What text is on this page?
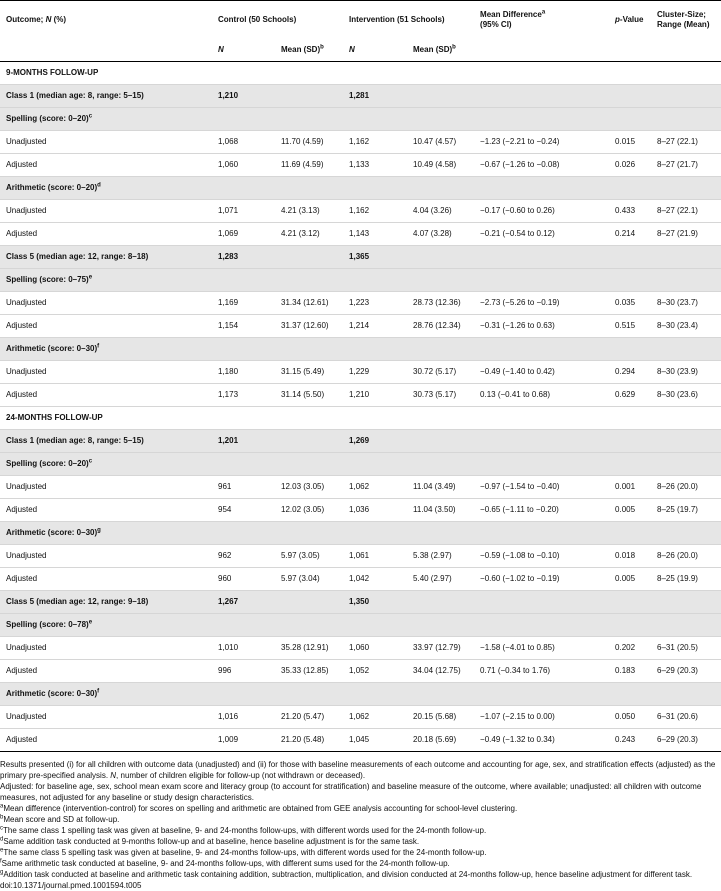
Outcome; N (%)	Control (50 Schools)		Intervention (51 Schools)		Mean Difference$^a$
(95% CI)	p-Value	Cluster-Size; Range (Mean)
	N	Mean (SD)$^b$	N	Mean (SD)$^b$			
9-MONTHS FOLLOW-UP							
Class 1 (median age: 8, range: 5–15)	1,210		1,281				
Spelling (score: 0–20)$^c$							
Unadjusted	1,068	11.70 (4.59)	1,162	10.47 (4.57)	−1.23 (−2.21 to −0.24)	0.015	8–27 (22.1)
Adjusted	1,060	11.69 (4.59)	1,133	10.49 (4.58)	−0.67 (−1.26 to −0.08)	0.026	8–27 (21.7)
Arithmetic (score: 0–20)$^d$							
Unadjusted	1,071	4.21 (3.13)	1,162	4.04 (3.26)	−0.17 (−0.60 to 0.26)	0.433	8–27 (22.1)
Adjusted	1,069	4.21 (3.12)	1,143	4.07 (3.28)	−0.21 (−0.54 to 0.12)	0.214	8–27 (21.9)
Class 5 (median age: 12, range: 8–18)	1,283		1,365				
Spelling (score: 0–75)$^e$							
Unadjusted	1,169	31.34 (12.61)	1,223	28.73 (12.36)	−2.73 (−5.26 to −0.19)	0.035	8–30 (23.7)
Adjusted	1,154	31.37 (12.60)	1,214	28.76 (12.34)	−0.31 (−1.26 to 0.63)	0.515	8–30 (23.4)
Arithmetic (score: 0–30)$^f$							
Unadjusted	1,180	31.15 (5.49)	1,229	30.72 (5.17)	−0.49 (−1.40 to 0.42)	0.294	8–30 (23.9)
Adjusted	1,173	31.14 (5.50)	1,210	30.73 (5.17)	0.13 (−0.41 to 0.68)	0.629	8–30 (23.6)
24-MONTHS FOLLOW-UP							
Class 1 (median age: 8, range: 5–15)	1,201		1,269				
Spelling (score: 0–20)$^c$							
Unadjusted	961	12.03 (3.05)	1,062	11.04 (3.49)	−0.97 (−1.54 to −0.40)	0.001	8–26 (20.0)
Adjusted	954	12.02 (3.05)	1,036	11.04 (3.50)	−0.65 (−1.11 to −0.20)	0.005	8–25 (19.7)
Arithmetic (score: 0–30)$^g$							
Unadjusted	962	5.97 (3.05)	1,061	5.38 (2.97)	−0.59 (−1.08 to −0.10)	0.018	8–26 (20.0)
Adjusted	960	5.97 (3.04)	1,042	5.40 (2.97)	−0.60 (−1.02 to −0.19)	0.005	8–25 (19.9)
Class 5 (median age: 12, range: 9–18)	1,267		1,350				
Spelling (score: 0–78)$^e$							
Unadjusted	1,010	35.28 (12.91)	1,060	33.97 (12.79)	−1.58 (−4.01 to 0.85)	0.202	6–31 (20.5)
Adjusted	996	35.33 (12.85)	1,052	34.04 (12.75)	0.71 (−0.34 to 1.76)	0.183	6–29 (20.3)
Arithmetic (score: 0–30)$^f$							
Unadjusted	1,016	21.20 (5.47)	1,062	20.15 (5.68)	−1.07 (−2.15 to 0.00)	0.050	6–31 (20.6)
Adjusted	1,009	21.20 (5.48)	1,045	20.18 (5.69)	−0.49 (−1.32 to 0.34)	0.243	6–29 (20.3)

Results presented (i) for all children with outcome data (unadjusted) and (ii) for those with baseline measurements of each outcome and accounting for age, sex, and stratification effects (adjusted) as the primary pre-specified analysis. N, number of children eligible for follow-up (not withdrawn or deceased).

Adjusted: for baseline age, sex, school mean exam score and literacy group (to account for stratification) and baseline measure of the outcome, where available; unadjusted: all children with outcome measures, not adjusted for any baseline or study design characteristics.

$^a$Mean difference (intervention-control) for scores on spelling and arithmetic are obtained from GEE analysis accounting for school-level clustering.

$^b$Mean score and SD at follow-up.

$^c$The same class 1 spelling task was given at baseline, 9- and 24-months follow-ups, with different words used for the 24-month follow-up.

$^d$Same addition task conducted at 9-months follow-up and at baseline, hence baseline adjustment is for the same task.

$^e$The same class 5 spelling task was given at baseline, 9- and 24-months follow-ups, with different words used for the 24-month follow-up.

$^f$Same arithmetic task conducted at baseline, 9- and 24-months follow-ups, with different sums used for the 24-month follow-up.

$^g$Addition task conducted at baseline and arithmetic task containing addition, subtraction, multiplication, and division conducted at 24-months follow-up, hence baseline adjustment for different task.

doi:10.1371/journal.pmed.1001594.t005
